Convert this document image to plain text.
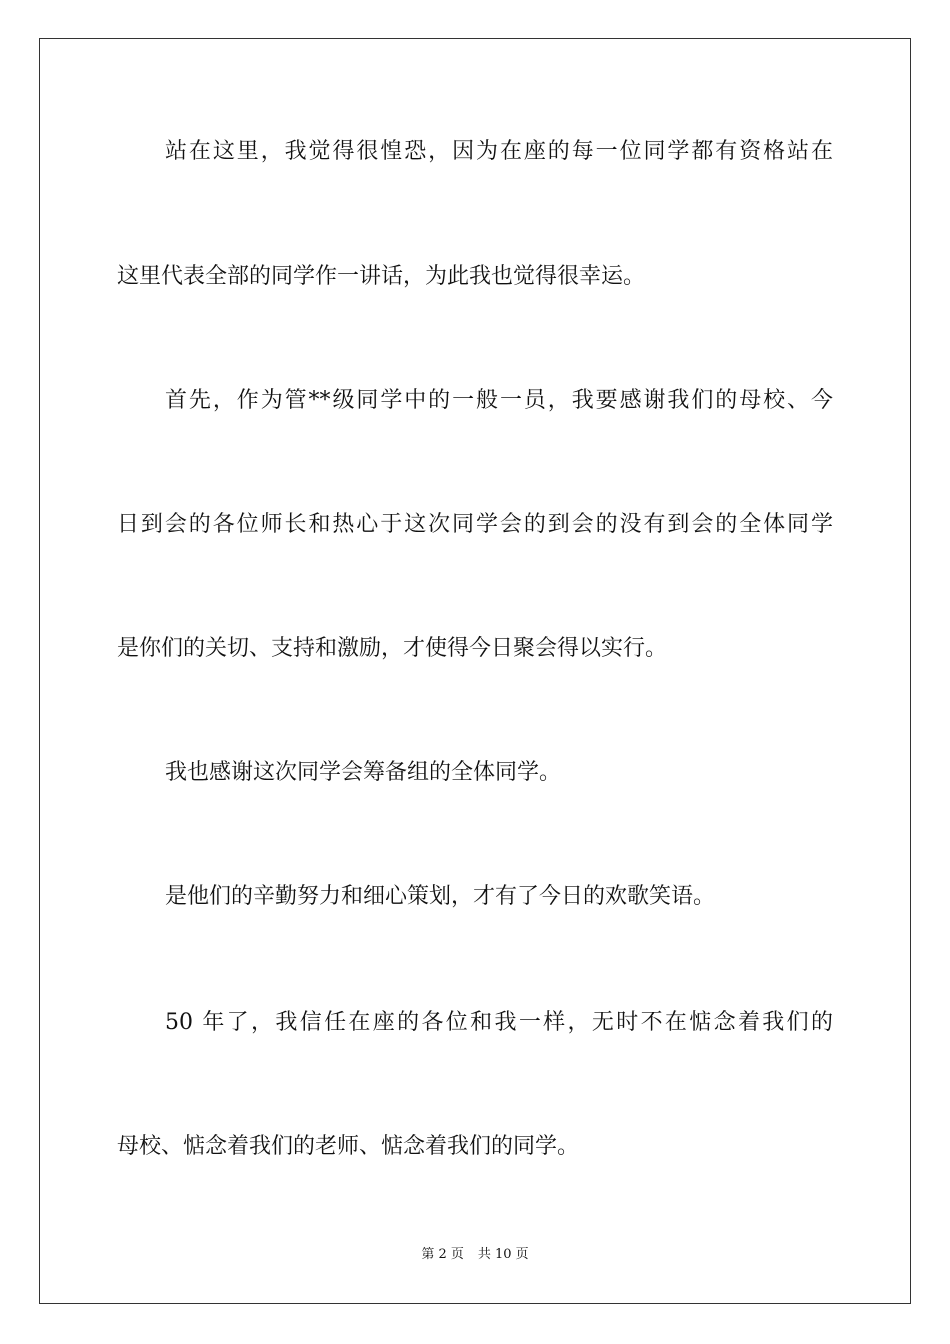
站在这里，我觉得很惶恐，因为在座的每一位同学都有资格站在
这里代表全部的同学作一讲话，为此我也觉得很幸运。
首先，作为管**级同学中的一般一员，我要感谢我们的母校、今
日到会的各位师长和热心于这次同学会的到会的没有到会的全体同学
是你们的关切、支持和激励，才使得今日聚会得以实行。
我也感谢这次同学会筹备组的全体同学。
是他们的辛勤努力和细心策划，才有了今日的欢歌笑语。
50 年了，我信任在座的各位和我一样，无时不在惦念着我们的
母校、惦念着我们的老师、惦念着我们的同学。
第 2 页 共 10 页
